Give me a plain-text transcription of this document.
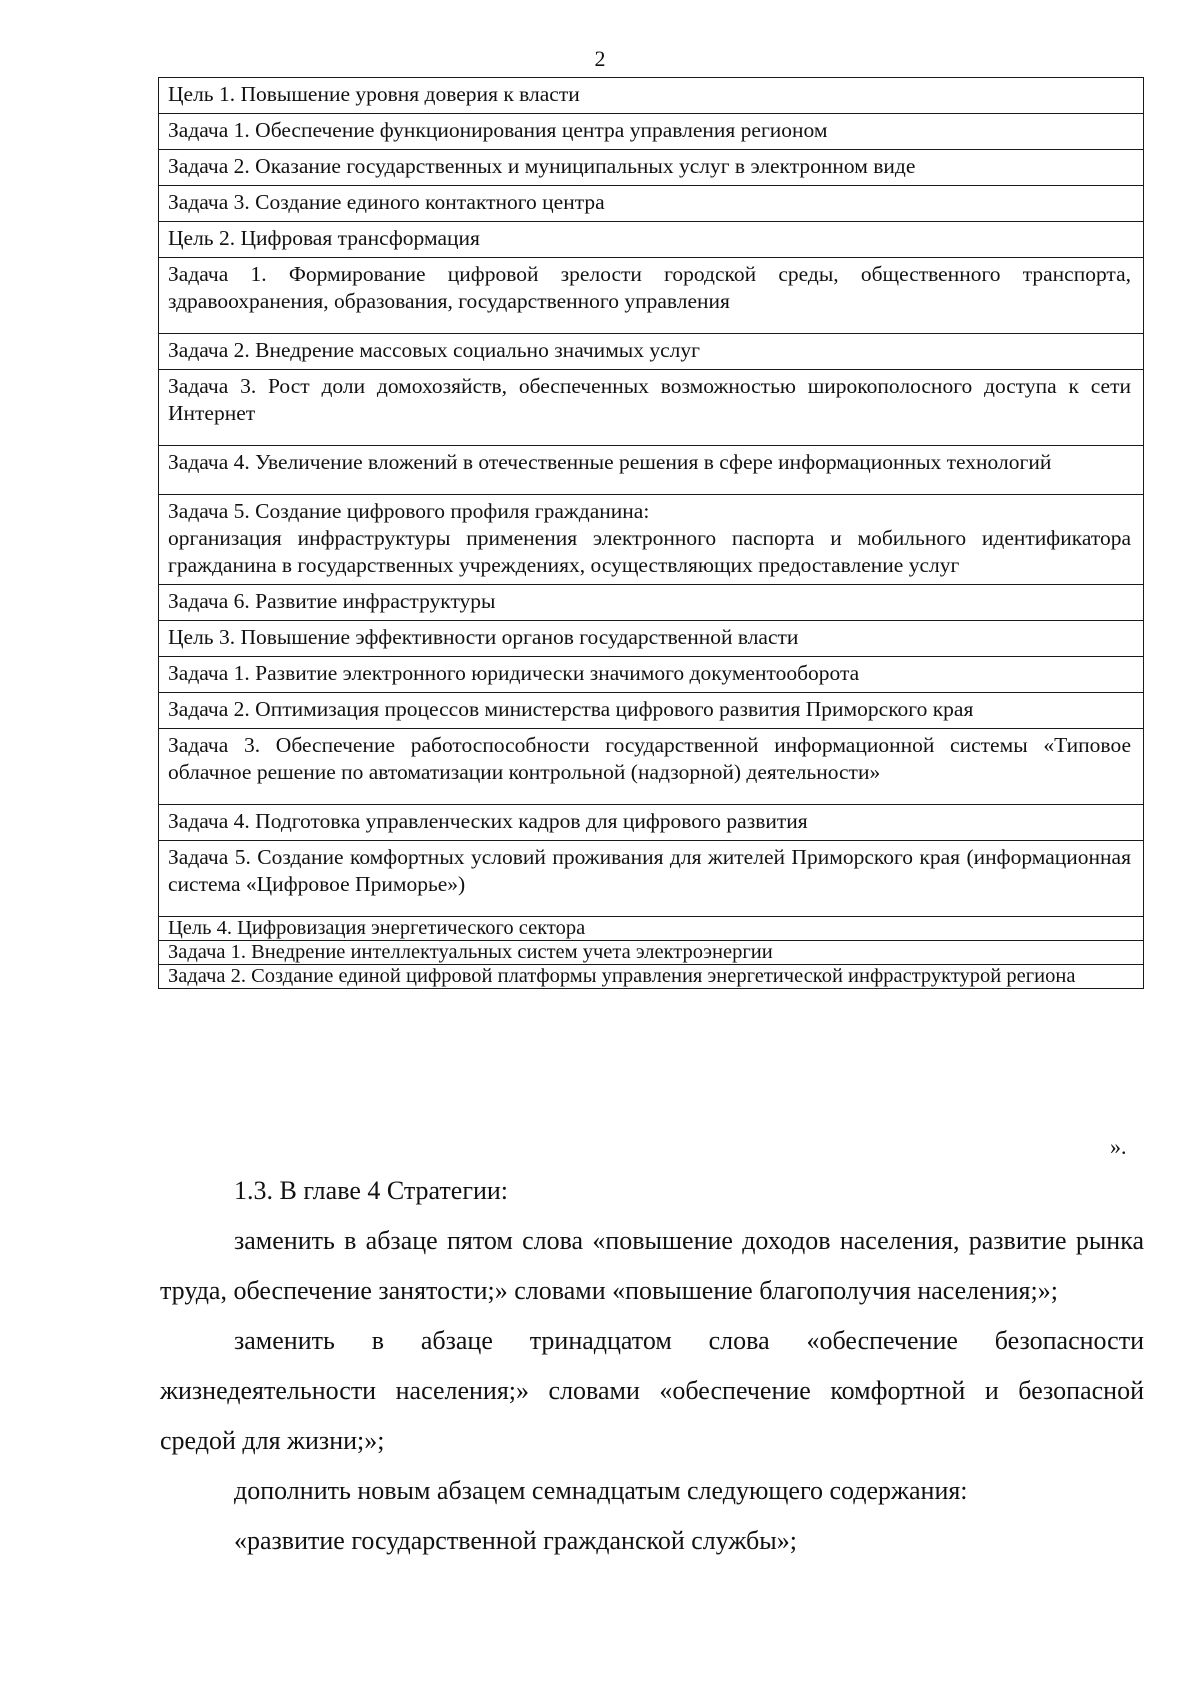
2
Цель 1. Повышение уровня доверия к власти
Задача 1. Обеспечение функционирования центра управления регионом
Задача 2. Оказание государственных и муниципальных услуг в электронном виде
Задача 3. Создание единого контактного центра
Цель 2. Цифровая трансформация
Задача 1. Формирование цифровой зрелости городской среды, общественного транспорта, здравоохранения, образования, государственного управления
Задача 2. Внедрение массовых социально значимых услуг
Задача 3. Рост доли домохозяйств, обеспеченных возможностью широкополосного доступа к сети Интернет
Задача 4. Увеличение вложений в отечественные решения в сфере информационных технологий
Задача 5. Создание цифрового профиля гражданина:
организация инфраструктуры применения электронного паспорта и мобильного идентификатора гражданина в государственных учреждениях, осуществляющих предоставление услуг
Задача 6. Развитие инфраструктуры
Цель 3. Повышение эффективности органов государственной власти
Задача 1. Развитие электронного юридически значимого документооборота
Задача 2. Оптимизация процессов министерства цифрового развития Приморского края
Задача 3. Обеспечение работоспособности государственной информационной системы «Типовое облачное решение по автоматизации контрольной (надзорной) деятельности»
Задача 4. Подготовка управленческих кадров для цифрового развития
Задача 5. Создание комфортных условий проживания для жителей Приморского края (информационная система «Цифровое Приморье»)
Цель 4. Цифровизация энергетического сектора
Задача 1. Внедрение интеллектуальных систем учета электроэнергии
Задача 2. Создание единой цифровой платформы управления энергетической инфраструктурой региона
».

1.3. В главе 4 Стратегии:

заменить в абзаце пятом слова «повышение доходов населения, развитие рынка труда, обеспечение занятости;» словами «повышение благополучия населения;»;

заменить в абзаце тринадцатом слова «обеспечение безопасности жизнедеятельности населения;» словами «обеспечение комфортной и безопасной средой для жизни;»;

дополнить новым абзацем семнадцатым следующего содержания:

«развитие государственной гражданской службы»;
